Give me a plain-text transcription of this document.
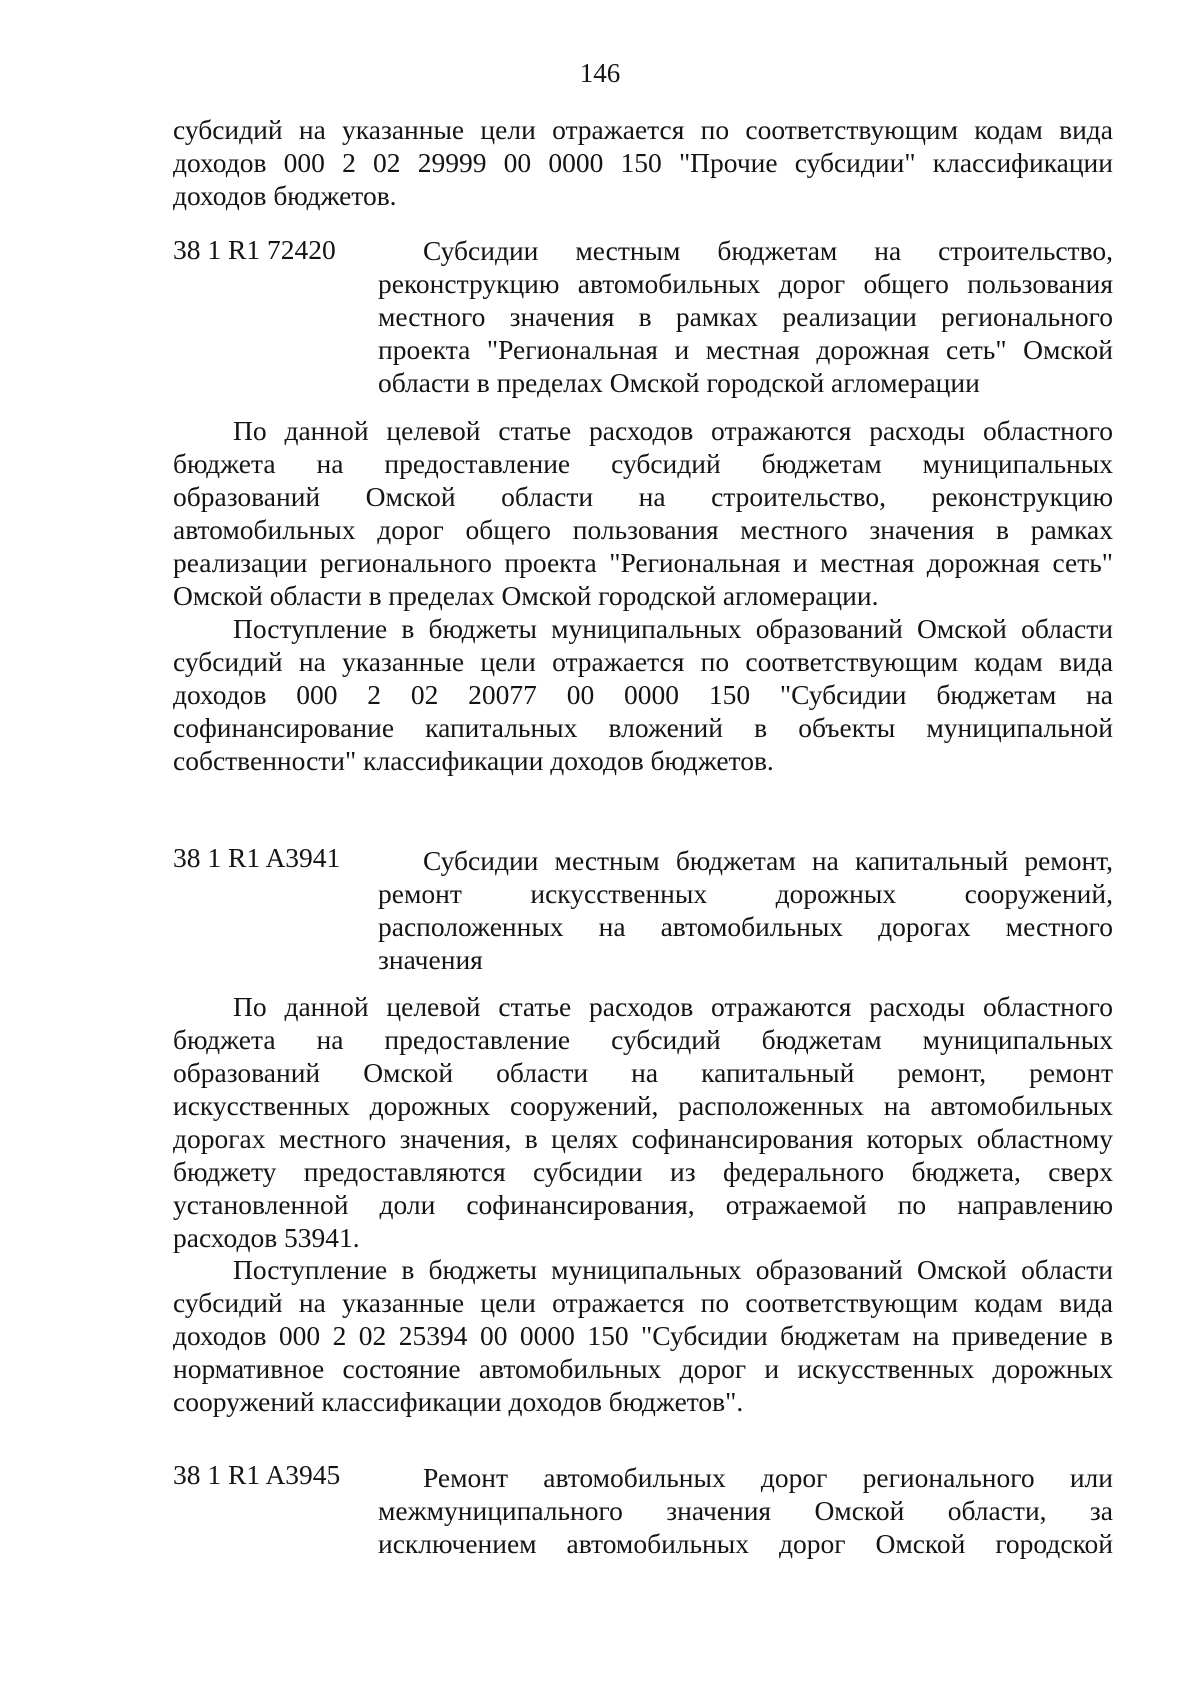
146
субсидий на указанные цели отражается по соответствующим кодам вида
доходов 000 2 02 29999 00 0000 150 "Прочие субсидии" классификации
доходов бюджетов.
38 1 R1 72420	Субсидии местным бюджетам на строительство,
реконструкцию автомобильных дорог общего пользования
местного значения в рамках реализации регионального
проекта "Региональная и местная дорожная сеть" Омской
области в пределах Омской городской агломерации
По данной целевой статье расходов отражаются расходы областного
бюджета на предоставление субсидий бюджетам муниципальных
образований Омской области на строительство, реконструкцию
автомобильных дорог общего пользования местного значения в рамках
реализации регионального проекта "Региональная и местная дорожная сеть"
Омской области в пределах Омской городской агломерации.
Поступление в бюджеты муниципальных образований Омской области
субсидий на указанные цели отражается по соответствующим кодам вида
доходов 000 2 02 20077 00 0000 150 "Субсидии бюджетам на
софинансирование капитальных вложений в объекты муниципальной
собственности" классификации доходов бюджетов.
38 1 R1 A3941	Субсидии местным бюджетам на капитальный ремонт,
ремонт искусственных дорожных сооружений,
расположенных на автомобильных дорогах местного
значения
По данной целевой статье расходов отражаются расходы областного
бюджета на предоставление субсидий бюджетам муниципальных
образований Омской области на капитальный ремонт, ремонт
искусственных дорожных сооружений, расположенных на автомобильных
дорогах местного значения, в целях софинансирования которых областному
бюджету предоставляются субсидии из федерального бюджета, сверх
установленной доли софинансирования, отражаемой по направлению
расходов 53941.
Поступление в бюджеты муниципальных образований Омской области
субсидий на указанные цели отражается по соответствующим кодам вида
доходов 000 2 02 25394 00 0000 150 "Субсидии бюджетам на приведение в
нормативное состояние автомобильных дорог и искусственных дорожных
сооружений классификации доходов бюджетов".
38 1 R1 A3945	Ремонт автомобильных дорог регионального или
межмуниципального значения Омской области, за
исключением автомобильных дорог Омской городской
